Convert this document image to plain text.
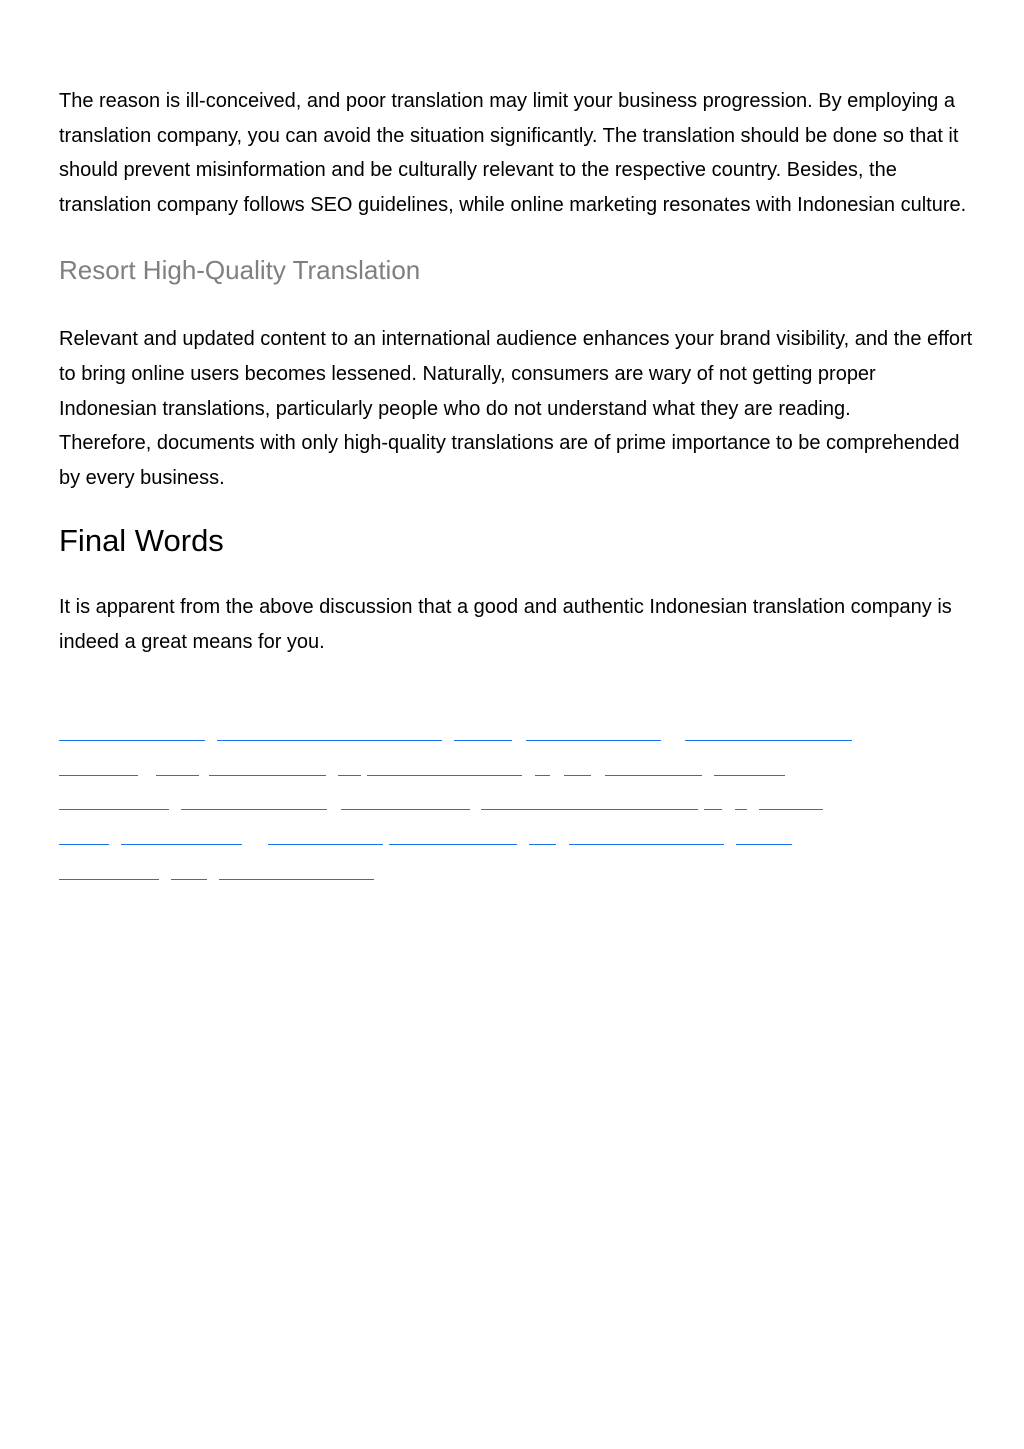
The reason is ill-conceived, and poor translation may limit your business progression. By employing a translation company, you can avoid the situation significantly. The translation should be done so that it should prevent misinformation and be culturally relevant to the respective country. Besides, the translation company follows SEO guidelines, while online marketing resonates with Indonesian culture.

Resort High-Quality Translation

Relevant and updated content to an international audience enhances your brand visibility, and the effort to bring online users becomes lessened. Naturally, consumers are wary of not getting proper Indonesian translations, particularly people who do not understand what they are reading.

Therefore, documents with only high-quality translations are of prime importance to be comprehended by every business.

Final Words

It is apparent from the above discussion that a good and authentic Indonesian translation company is indeed a great means for you.
